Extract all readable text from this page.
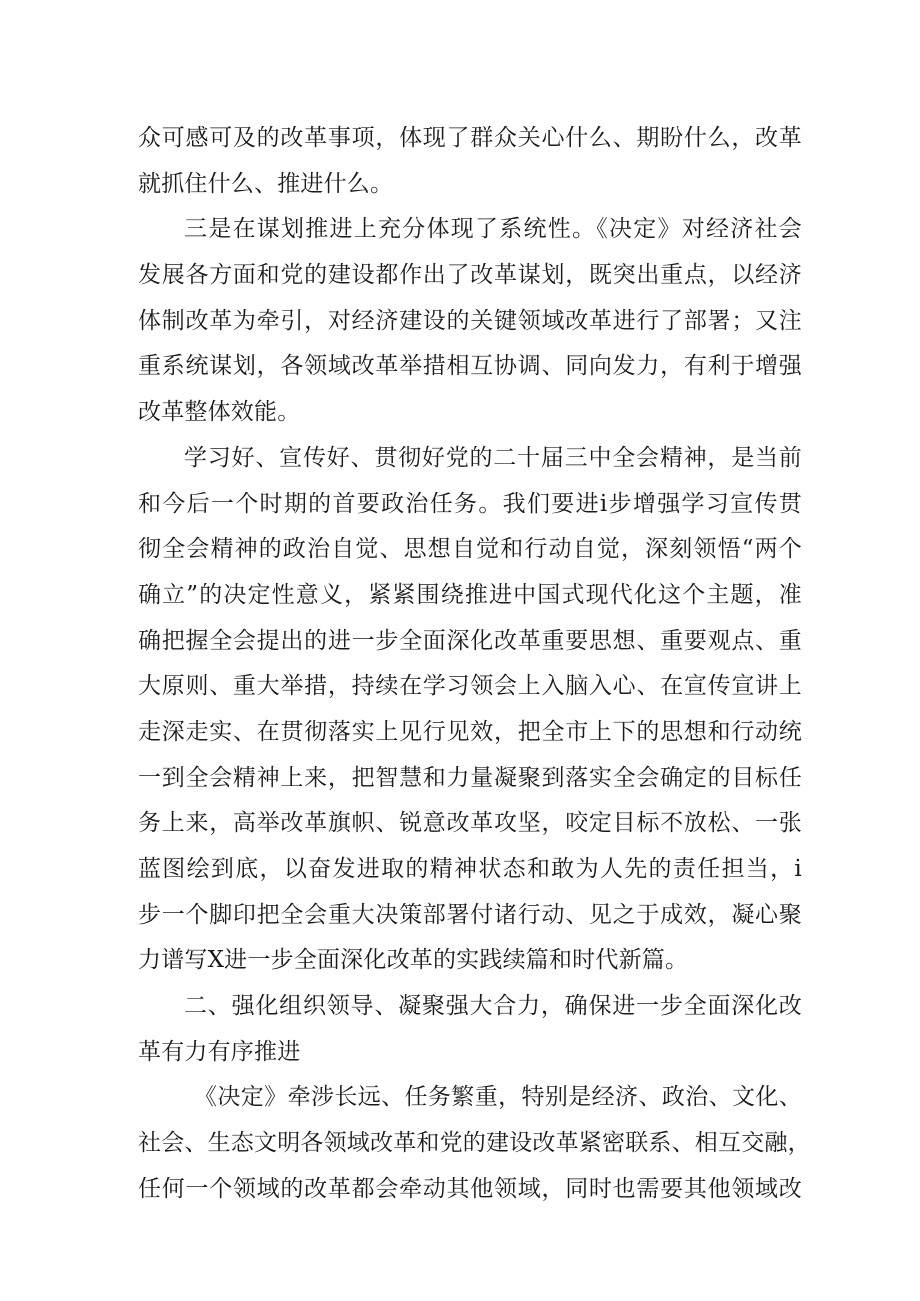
众可感可及的改革事项，体现了群众关心什么、期盼什么，改革
就抓住什么、推进什么。
三是在谋划推进上充分体现了系统性。《决定》对经济社会
发展各方面和党的建设都作出了改革谋划，既突出重点，以经济
体制改革为牵引，对经济建设的关键领域改革进行了部署；又注
重系统谋划，各领域改革举措相互协调、同向发力，有利于增强
改革整体效能。
学习好、宣传好、贯彻好党的二十届三中全会精神，是当前
和今后一个时期的首要政治任务。我们要进i步增强学习宣传贯
彻全会精神的政治自觉、思想自觉和行动自觉，深刻领悟“两个
确立”的决定性意义，紧紧围绕推进中国式现代化这个主题，准
确把握全会提出的进一步全面深化改革重要思想、重要观点、重
大原则、重大举措，持续在学习领会上入脑入心、在宣传宣讲上
走深走实、在贯彻落实上见行见效，把全市上下的思想和行动统
一到全会精神上来，把智慧和力量凝聚到落实全会确定的目标任
务上来，高举改革旗帜、锐意改革攻坚，咬定目标不放松、一张
蓝图绘到底，以奋发进取的精神状态和敢为人先的责任担当，i
步一个脚印把全会重大决策部署付诸行动、见之于成效，凝心聚
力谱写X进一步全面深化改革的实践续篇和时代新篇。
二、强化组织领导、凝聚强大合力，确保进一步全面深化改
革有力有序推进
《决定》牵涉长远、任务繁重，特别是经济、政治、文化、
社会、生态文明各领域改革和党的建设改革紧密联系、相互交融，
任何一个领域的改革都会牵动其他领域，同时也需要其他领域改
